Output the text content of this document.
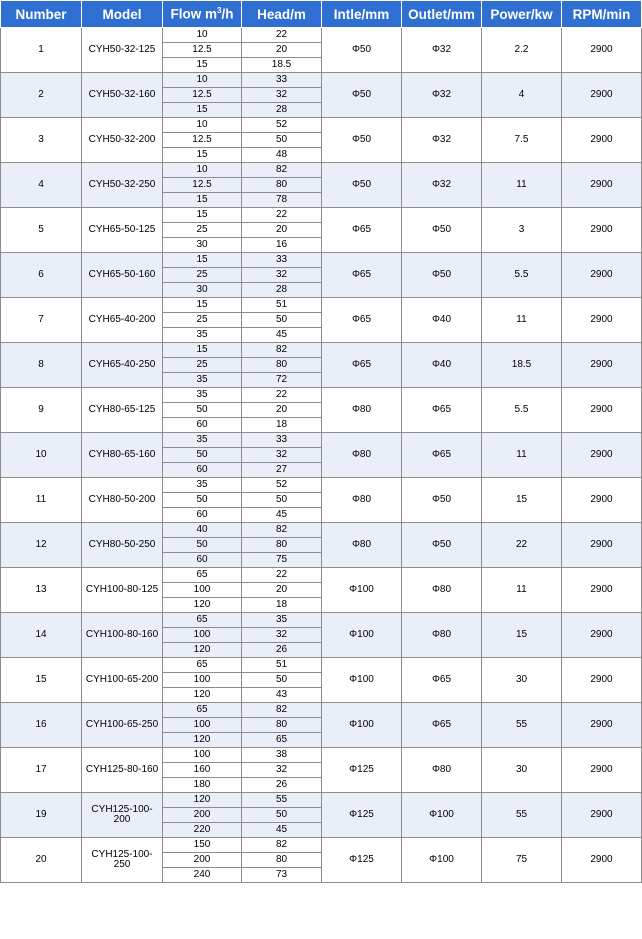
Number	Model	Flow $m^3/h$	Head/m	Intle/mm	Outlet/mm	Power/kw	RPM/min
1	CYH50-32-125	10	22	Φ50	Φ32	2.2	2900
		12.5	20				
		15	18.5				
2	CYH50-32-160	10	33	Φ50	Φ32	4	2900
		12.5	32				
		15	28				
3	CYH50-32-200	10	52	Φ50	Φ32	7.5	2900
		12.5	50				
		15	48				
4	CYH50-32-250	10	82	Φ50	Φ32	11	2900
		12.5	80				
		15	78				
5	CYH65-50-125	15	22	Φ65	Φ50	3	2900
		25	20				
		30	16				
6	CYH65-50-160	15	33	Φ65	Φ50	5.5	2900
		25	32				
		30	28				
7	CYH65-40-200	15	51	Φ65	Φ40	11	2900
		25	50				
		35	45				
8	CYH65-40-250	15	82	Φ65	Φ40	18.5	2900
		25	80				
		35	72				
9	CYH80-65-125	35	22	Φ80	Φ65	5.5	2900
		50	20				
		60	18				
10	CYH80-65-160	35	33	Φ80	Φ65	11	2900
		50	32				
		60	27				
11	CYH80-50-200	35	52	Φ80	Φ50	15	2900
		50	50				
		60	45				
12	CYH80-50-250	40	82	Φ80	Φ50	22	2900
		50	80				
		60	75				
13	CYH100-80-125	65	22	Φ100	Φ80	11	2900
		100	20				
		120	18				
14	CYH100-80-160	65	35	Φ100	Φ80	15	2900
		100	32				
		120	26				
15	CYH100-65-200	65	51	Φ100	Φ65	30	2900
		100	50				
		120	43				
16	CYH100-65-250	65	82	Φ100	Φ65	55	2900
		100	80				
		120	65				
17	CYH125-80-160	100	38	Φ125	Φ80	30	2900
		160	32				
		180	26				
19	CYH125-100-200	120	55	Φ125	Φ100	55	2900
		200	50				
		220	45				
20	CYH125-100-250	150	82	Φ125	Φ100	75	2900
		200	80				
		240	73				
